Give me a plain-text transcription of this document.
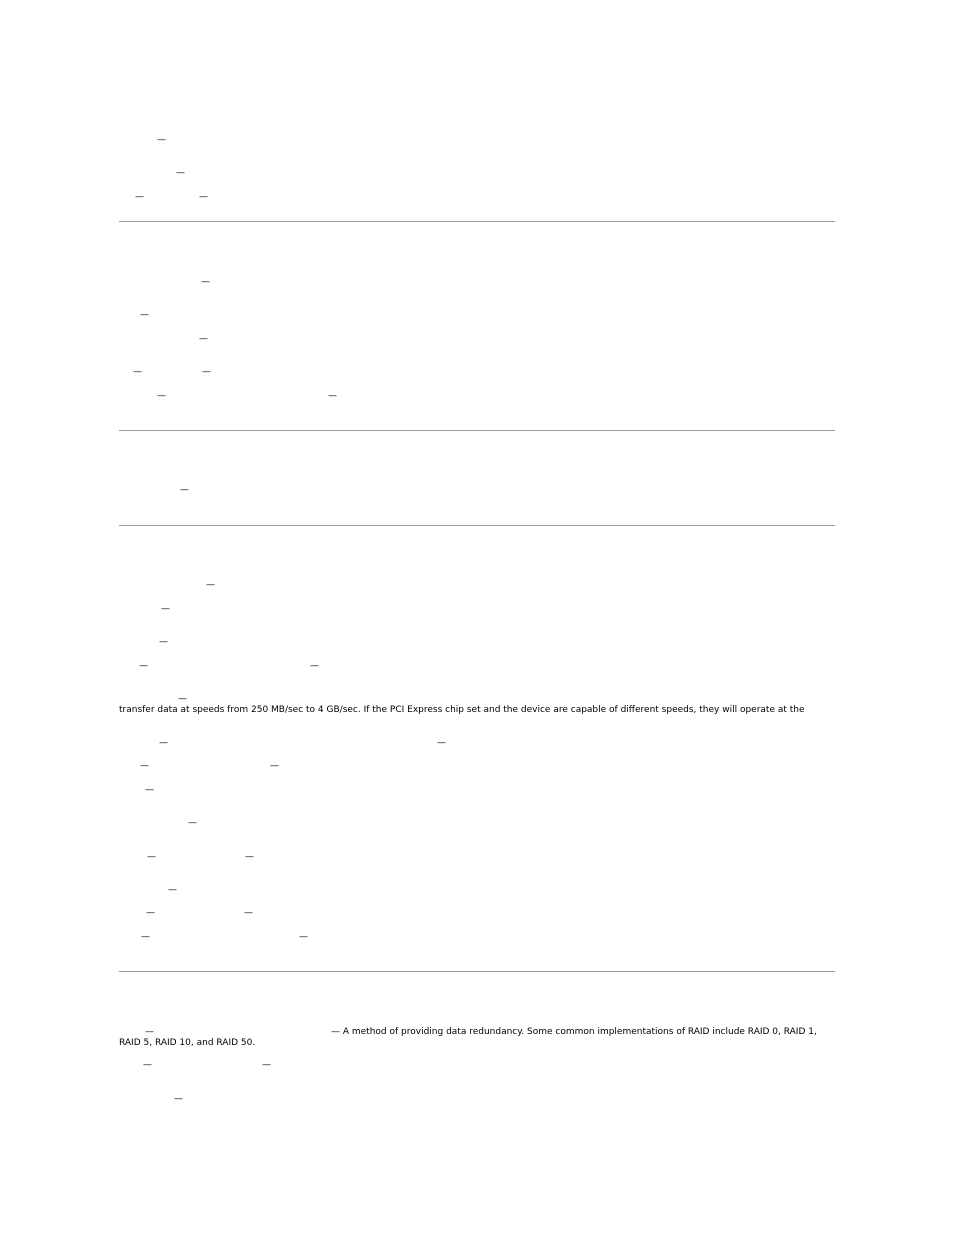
—
—
—	—
—
—
—
—	—
—	—
—
—
—
—
—	—
—
transfer data at speeds from 250 MB/sec to 4 GB/sec. If the PCI Express chip set and the device are capable of different speeds, they will operate at the
—	—
—	—
—
—
—	—
—
—	—
—	—
—	— A method of providing data redundancy. Some common implementations of RAID include RAID 0, RAID 1,
RAID 5, RAID 10, and RAID 50.
—	—
—
